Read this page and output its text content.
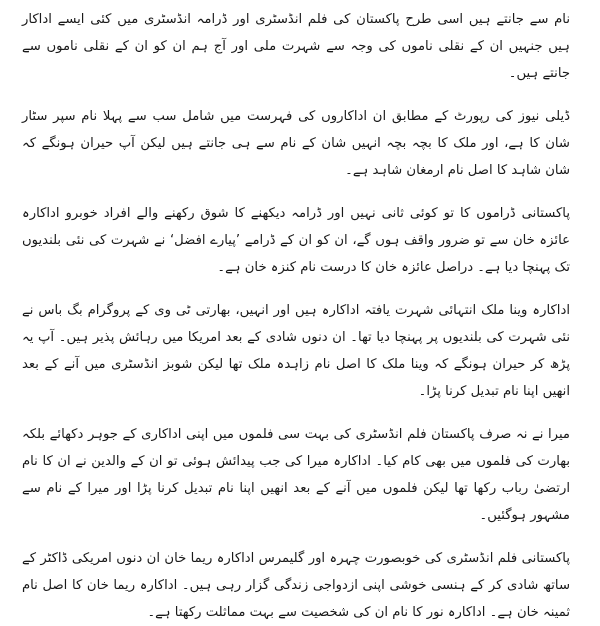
نام سے جانتے ہیں اسی طرح پاکستان کی فلم انڈسٹری اور ڈرامہ انڈسٹری میں کئی ایسے اداکار ہیں جنہیں ان کے نقلی ناموں کی وجہ سے شہرت ملی اور آج ہم ان کو ان کے نقلی ناموں سے جانتے ہیں۔

ڈیلی نیوز کی رپورٹ کے مطابق ان اداکاروں کی فہرست میں شامل سب سے پہلا نام سپر سٹار شان کا ہے، اور ملک کا بچہ بچہ انہیں شان کے نام سے ہی جانتے ہیں لیکن آپ حیران ہونگے کہ شان شاہد کا اصل نام ارمغان شاہد ہے۔

پاکستانی ڈراموں کا تو کوئی ثانی نہیں اور ڈرامہ دیکھنے کا شوق رکھنے والے افراد خوبرو اداکارہ عائزہ خان سے تو ضرور واقف ہوں گے، ان کو ان کے ڈرامے ’پیارے افضل‘ نے شہرت کی نئی بلندیوں تک پہنچا دیا ہے۔ دراصل عائزہ خان کا درست نام کنزہ خان ہے۔

اداکارہ وینا ملک انتہائی شہرت یافتہ اداکارہ ہیں اور انہیں، بھارتی ٹی وی کے پروگرام بگ باس نے نئی شہرت کی بلندیوں پر پہنچا دیا تھا۔ ان دنوں شادی کے بعد امریکا میں رہائش پذیر ہیں۔ آپ یہ پڑھ کر حیران ہونگے کہ وینا ملک کا اصل نام زاہدہ ملک تھا لیکن شوبز انڈسٹری میں آنے کے بعد انھیں اپنا نام تبدیل کرنا پڑا۔

میرا نے نہ صرف پاکستان فلم انڈسٹری کی بہت سی فلموں میں اپنی اداکاری کے جوہر دکھائے بلکہ بھارت کی فلموں میں بھی کام کیا۔ اداکارہ میرا کی جب پیدائش ہوئی تو ان کے والدین نے ان کا نام ارتضیٰ رباب رکھا تھا لیکن فلموں میں آنے کے بعد انھیں اپنا نام تبدیل کرنا پڑا اور میرا کے نام سے مشہور ہوگئیں۔

پاکستانی فلم انڈسٹری کی خوبصورت چہرہ اور گلیمرس اداکارہ ریما خان ان دنوں امریکی ڈاکٹر کے ساتھ شادی کر کے ہنسی خوشی اپنی ازدواجی زندگی گزار رہی ہیں۔ اداکارہ ریما خان کا اصل نام ثمینہ خان ہے۔ اداکارہ نور کا نام ان کی شخصیت سے بہت مماثلت رکھتا ہے۔
